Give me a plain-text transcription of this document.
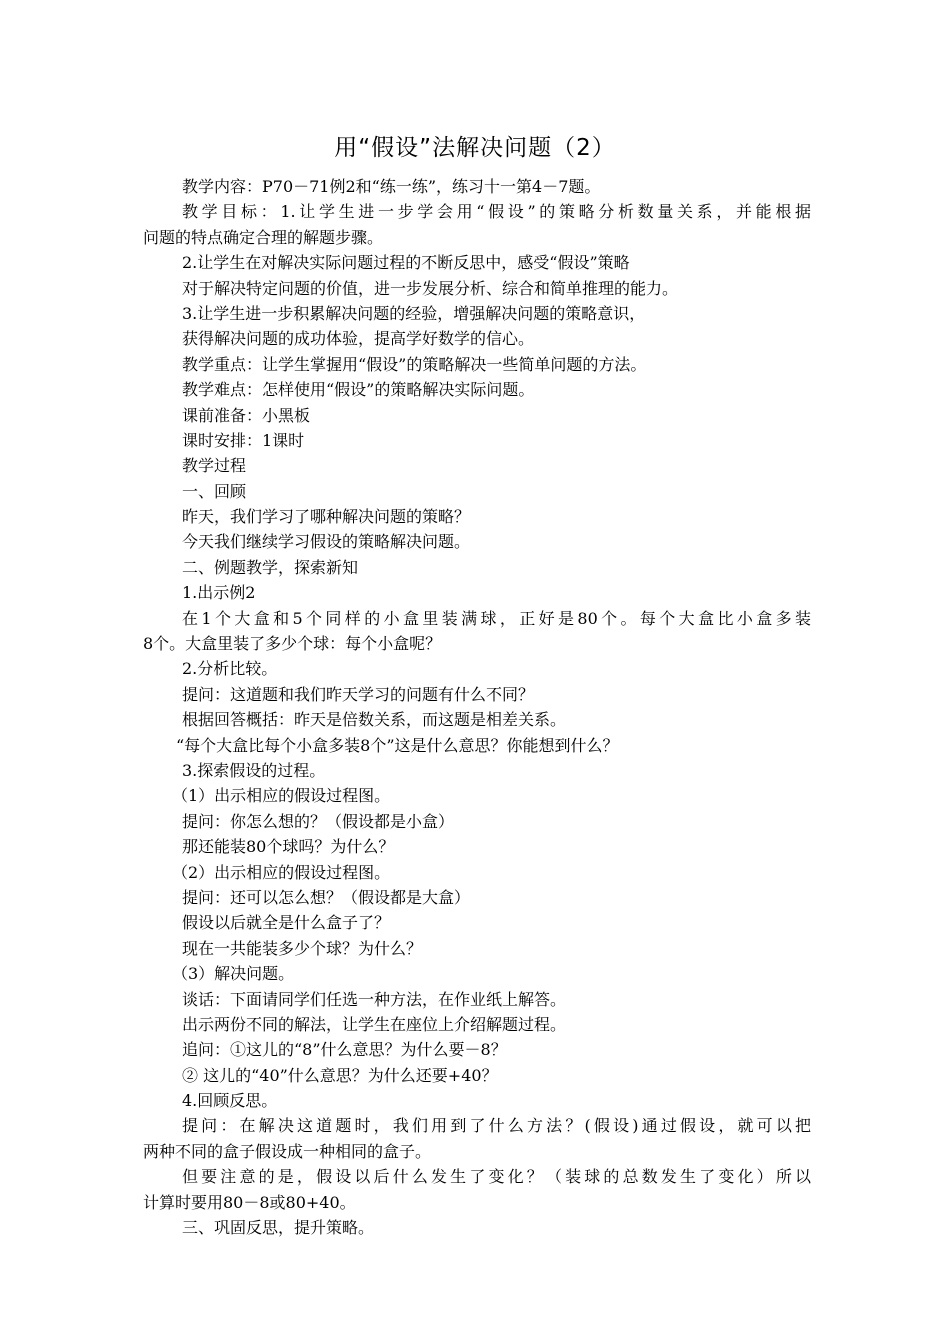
用“假设”法解决问题（2）
教学内容：P70－71例2和“练一练”，练习十一第4－7题。
教学目标：1.让学生进一步学会用“假设”的策略分析数量关系，并能根据
问题的特点确定合理的解题步骤。
2.让学生在对解决实际问题过程的不断反思中，感受“假设”策略
对于解决特定问题的价值，进一步发展分析、综合和简单推理的能力。
3.让学生进一步积累解决问题的经验，增强解决问题的策略意识，
获得解决问题的成功体验，提高学好数学的信心。
教学重点：让学生掌握用“假设”的策略解决一些简单问题的方法。
教学难点：怎样使用“假设”的策略解决实际问题。
课前准备：小黑板
课时安排：1课时
教学过程
一、回顾
昨天，我们学习了哪种解决问题的策略？
今天我们继续学习假设的策略解决问题。
二、例题教学，探索新知
1.出示例2
在1个大盒和5个同样的小盒里装满球，正好是80个。每个大盒比小盒多装
8个。大盒里装了多少个球：每个小盒呢？
2.分析比较。
提问：这道题和我们昨天学习的问题有什么不同？
根据回答概括：昨天是倍数关系，而这题是相差关系。
“每个大盒比每个小盒多装8个”这是什么意思？你能想到什么？
3.探索假设的过程。
（1）出示相应的假设过程图。
提问：你怎么想的？（假设都是小盒）
那还能装80个球吗？为什么？
（2）出示相应的假设过程图。
提问：还可以怎么想？（假设都是大盒）
假设以后就全是什么盒子了？
现在一共能装多少个球？为什么？
（3）解决问题。
谈话：下面请同学们任选一种方法，在作业纸上解答。
出示两份不同的解法，让学生在座位上介绍解题过程。
追问：①这儿的“8”什么意思？为什么要－8？
② 这儿的“40”什么意思？为什么还要+40？
4.回顾反思。
提问：在解决这道题时，我们用到了什么方法？(假设)通过假设，就可以把
两种不同的盒子假设成一种相同的盒子。
但要注意的是，假设以后什么发生了变化？（装球的总数发生了变化）所以
计算时要用80－8或80+40。
三、巩固反思，提升策略。
